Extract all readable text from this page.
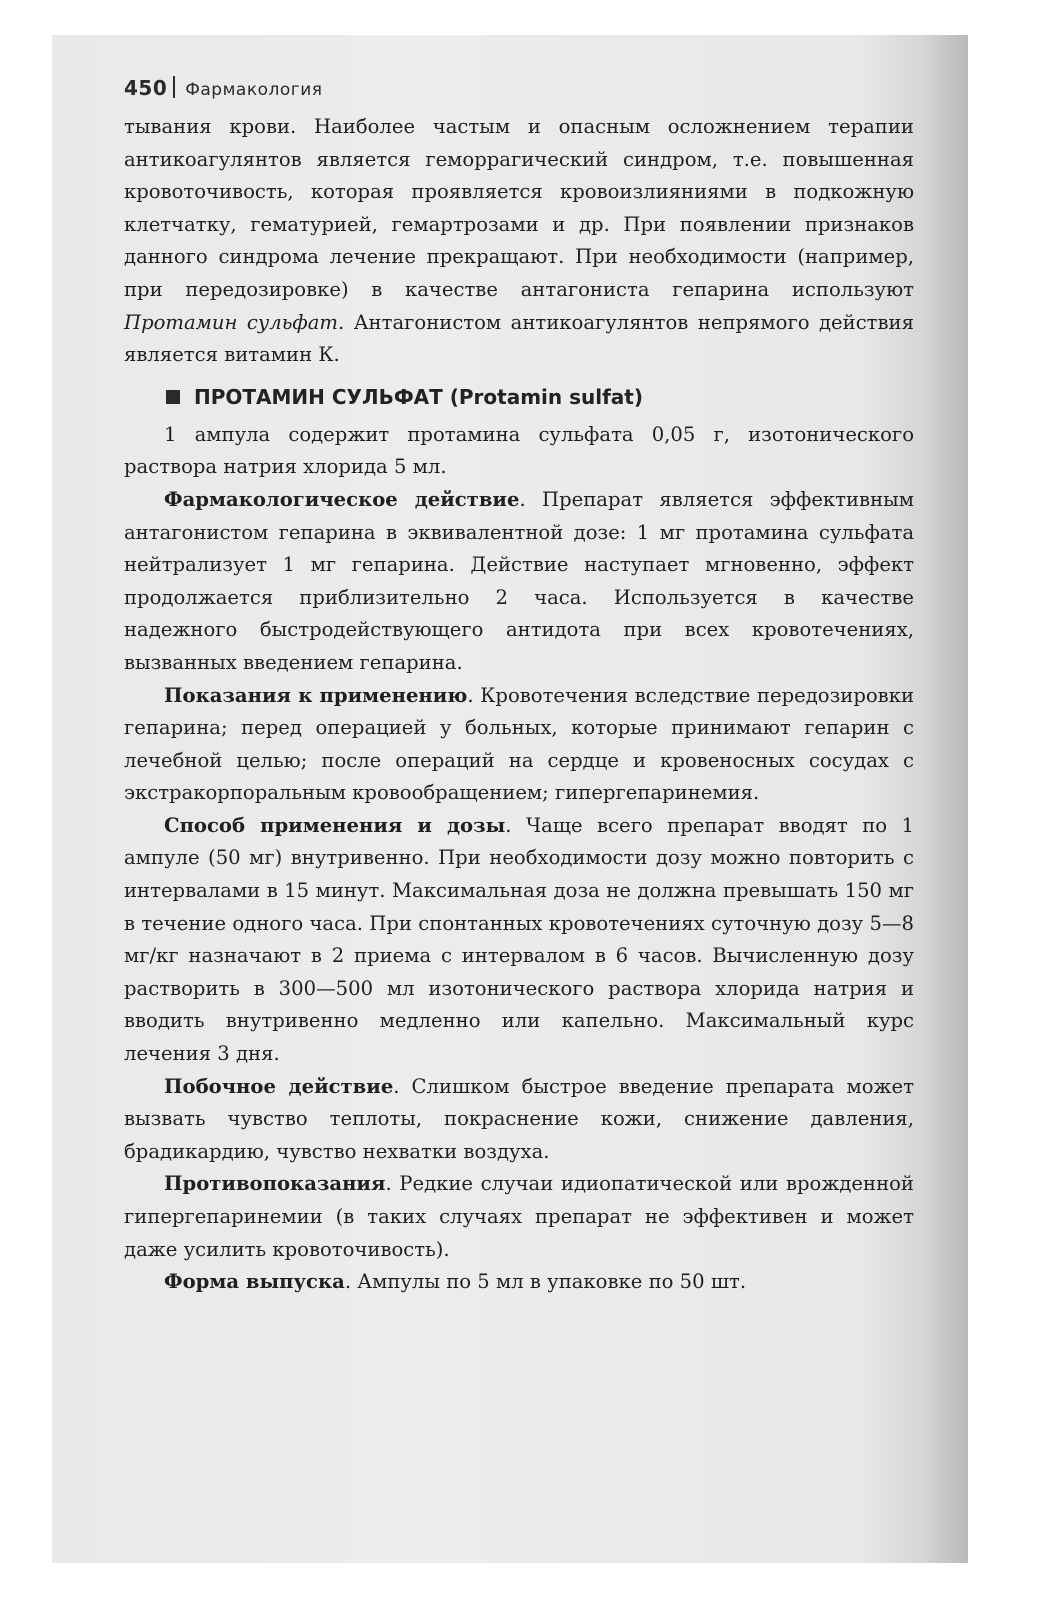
450 Фармакология

тывания крови. Наиболее частым и опасным осложнением терапии антикоагулянтов является геморрагический синдром, т.е. повышенная кровоточивость, которая проявляется кровоизлияниями в подкожную клетчатку, гематурией, гемартрозами и др. При появлении признаков данного синдрома лечение прекращают. При необходимости (например, при передозировке) в качестве антагониста гепарина используют Протамин сульфат. Антагонистом антикоагулянтов непрямого действия является витамин К.

ПРОТАМИН СУЛЬФАТ (Protamin sulfat)

1 ампула содержит протамина сульфата 0,05 г, изотонического раствора натрия хлорида 5 мл.

Фармакологическое действие. Препарат является эффективным антагонистом гепарина в эквивалентной дозе: 1 мг протамина сульфата нейтрализует 1 мг гепарина. Действие наступает мгновенно, эффект продолжается приблизительно 2 часа. Используется в качестве надежного быстродействующего антидота при всех кровотечениях, вызванных введением гепарина.

Показания к применению. Кровотечения вследствие передозировки гепарина; перед операцией у больных, которые принимают гепарин с лечебной целью; после операций на сердце и кровеносных сосудах с экстракорпоральным кровообращением; гипергепаринемия.

Способ применения и дозы. Чаще всего препарат вводят по 1 ампуле (50 мг) внутривенно. При необходимости дозу можно повторить с интервалами в 15 минут. Максимальная доза не должна превышать 150 мг в течение одного часа. При спонтанных кровотечениях суточную дозу 5—8 мг/кг назначают в 2 приема с интервалом в 6 часов. Вычисленную дозу растворить в 300—500 мл изотонического раствора хлорида натрия и вводить внутривенно медленно или капельно. Максимальный курс лечения 3 дня.

Побочное действие. Слишком быстрое введение препарата может вызвать чувство теплоты, покраснение кожи, снижение давления, брадикардию, чувство нехватки воздуха.

Противопоказания. Редкие случаи идиопатической или врожденной гипергепаринемии (в таких случаях препарат не эффективен и может даже усилить кровоточивость).

Форма выпуска. Ампулы по 5 мл в упаковке по 50 шт.
